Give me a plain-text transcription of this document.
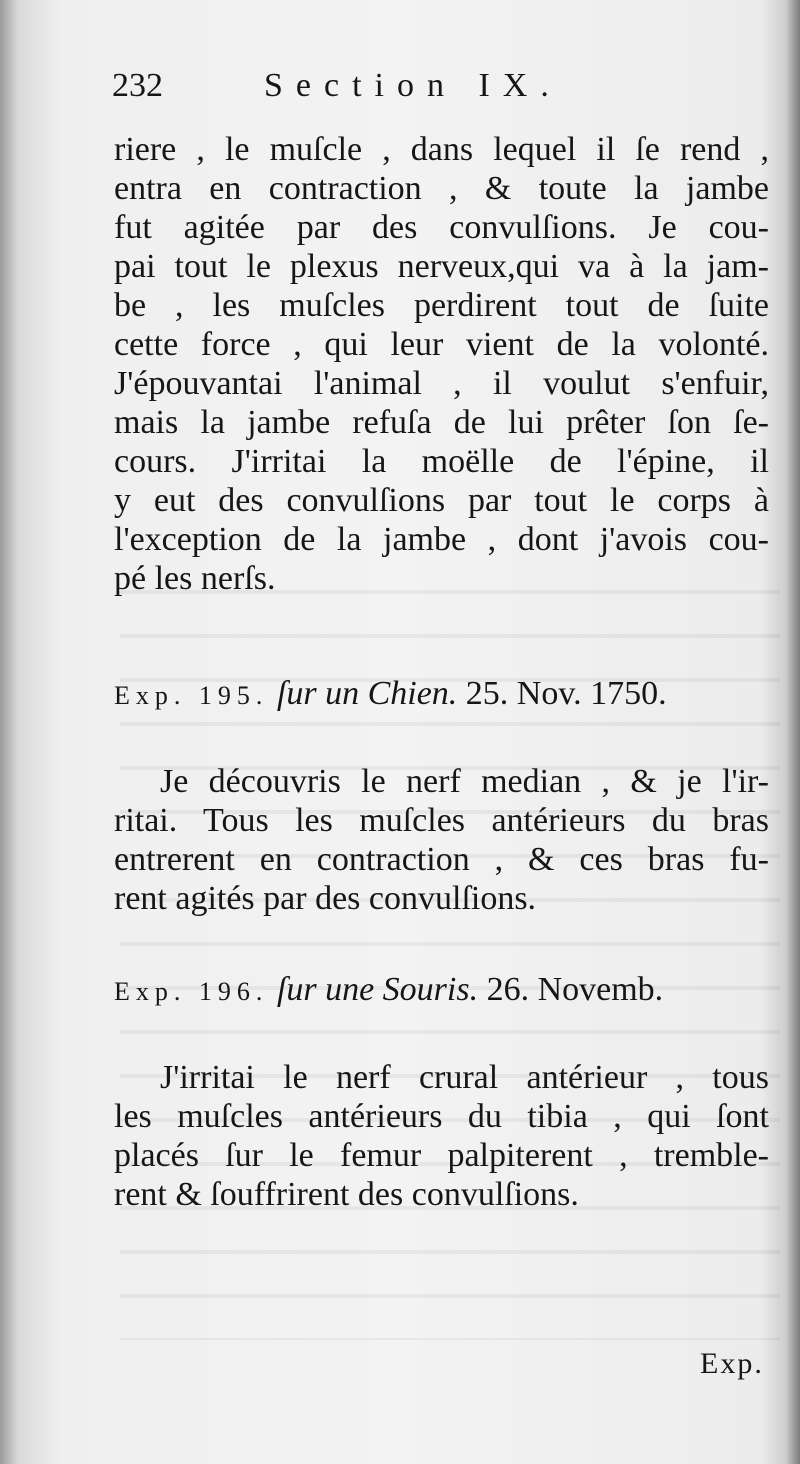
232	Section IX.
riere , le muſcle , dans lequel il ſe rend ,
entra en contraction , & toute la jambe
fut agitée par des convulſions. Je cou-
pai tout le plexus nerveux,qui va à la jam-
be , les muſcles perdirent tout de ſuite
cette force , qui leur vient de la volonté.
J'épouvantai l'animal , il voulut s'enfuir,
mais la jambe refuſa de lui prêter ſon ſe-
cours. J'irritai la moëlle de l'épine, il
y eut des convulſions par tout le corps à
l'exception de la jambe , dont j'avois cou-
pé les nerſs.
Exp. 195. ſur un Chien. 25. Nov. 1750.
Je découvris le nerf median , & je l'ir-
ritai. Tous les muſcles antérieurs du bras
entrerent en contraction , & ces bras fu-
rent agités par des convulſions.
Exp. 196. ſur une Souris. 26. Novemb.
J'irritai le nerf crural antérieur , tous
les muſcles antérieurs du tibia , qui ſont
placés ſur le femur palpiterent , tremble-
rent & ſouffrirent des convulſions.
Exp.
